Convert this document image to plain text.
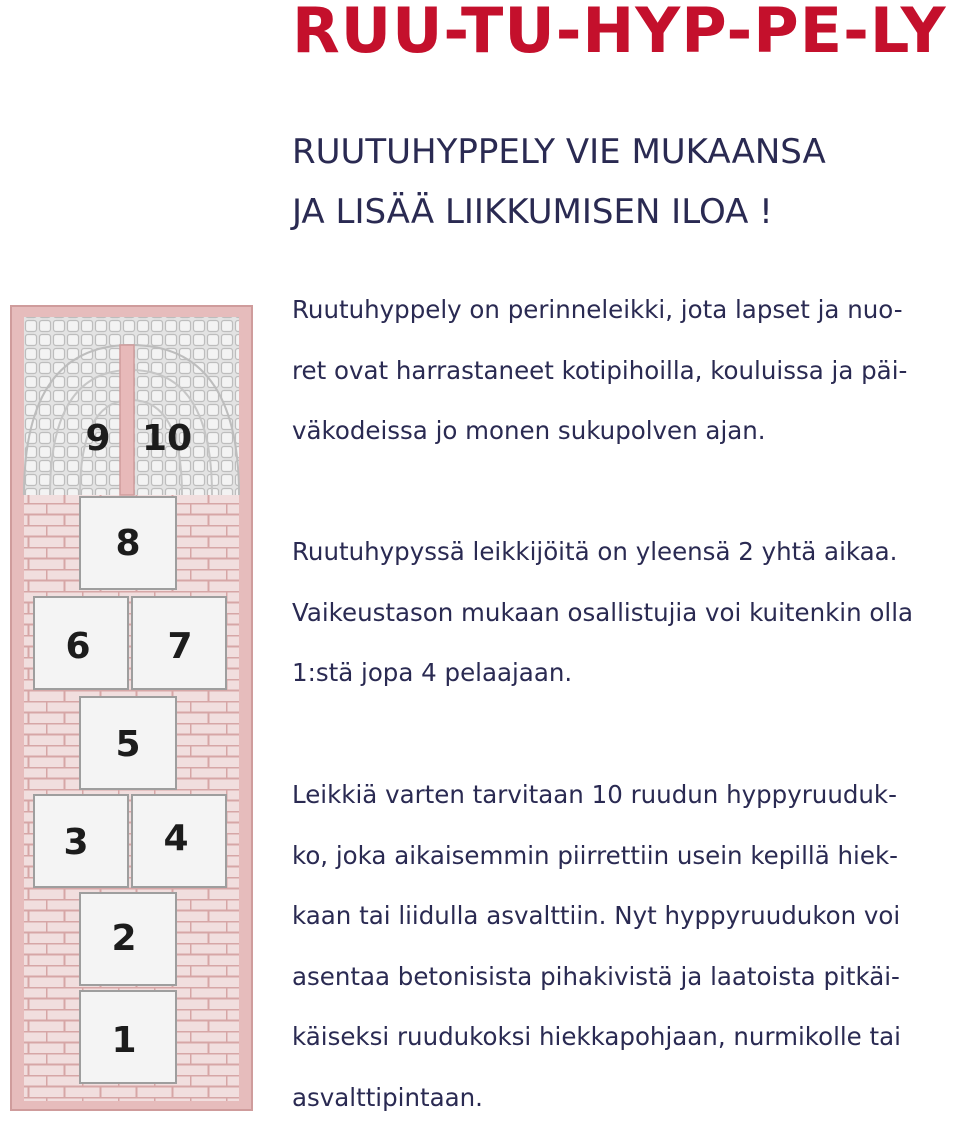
RUU-TU-HYP-PE-LY
RUUTUHYPPELY VIE MUKAANSA
JA LISÄÄ LIIKKUMISEN ILOA !

Ruutuhyppely on perinneleikki, jota lapset ja nuo-
ret ovat harrastaneet kotipihoilla, kouluissa ja päi-
väkodeissa jo monen sukupolven ajan.

Ruutuhypyssä leikkijöitä on yleensä 2 yhtä aikaa.
Vaikeustason mukaan osallistujia voi kuitenkin olla
1:stä jopa 4 pelaajaan.

Leikkiä varten tarvitaan 10 ruudun hyppyruuduk-
ko, joka aikaisemmin piirrettiin usein kepillä hiek-
kaan tai liidulla asvalttiin. Nyt hyppyruudukon voi
asentaa betonisista pihakivistä ja laatoista pitkäi-
käiseksi ruudukoksi hiekkapohjaan, nurmikolle tai
asvalttipintaan.

9 10
8
6 7
5
3 4
2
1
